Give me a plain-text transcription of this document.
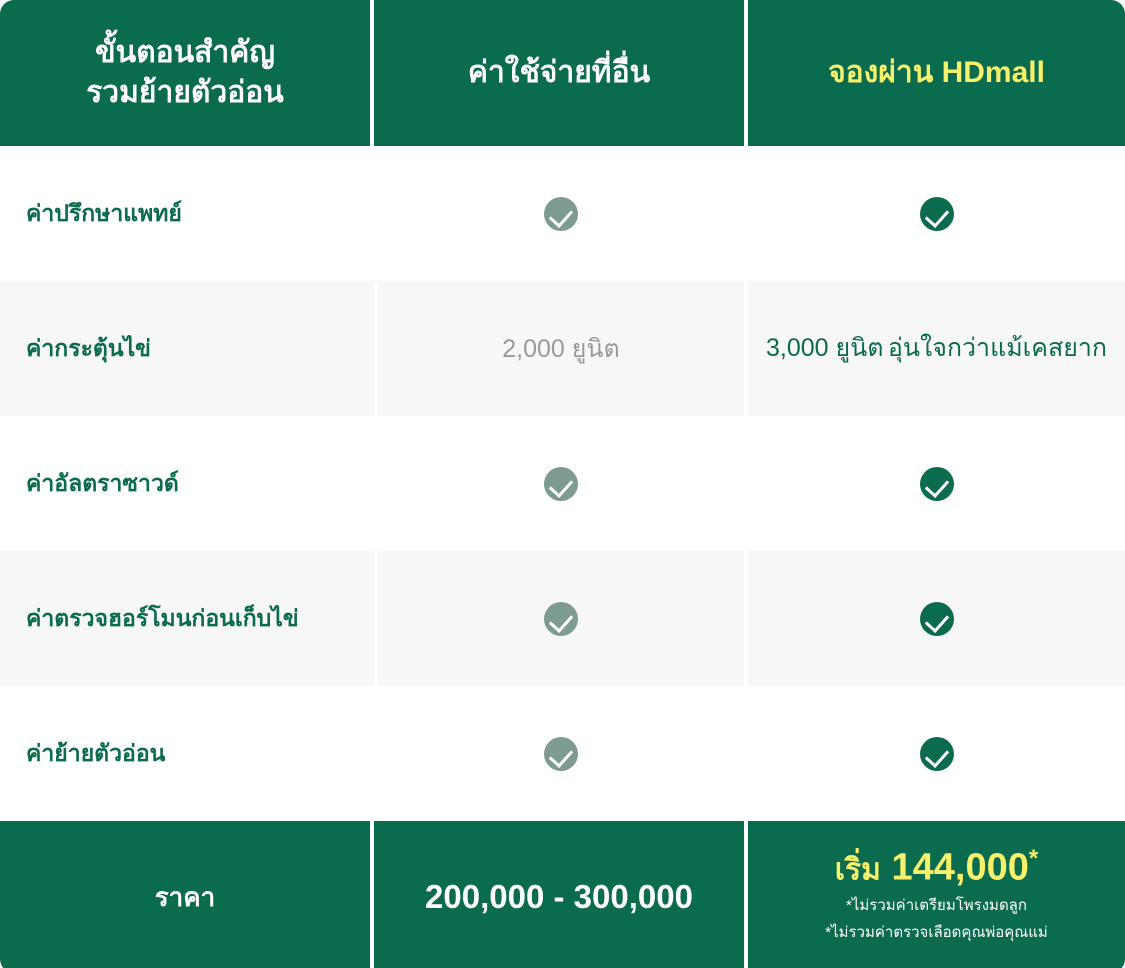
ขั้นตอนสำคัญ
รวมย้ายตัวอ่อน	ค่าใช้จ่ายที่อื่น	จองผ่าน HDmall
ค่าปรึกษาแพทย์		
ค่ากระตุ้นไข่	2,000 ยูนิต	3,000 ยูนิต อุ่นใจกว่าแม้เคสยาก
ค่าอัลตราซาวด์		
ค่าตรวจฮอร์โมนก่อนเก็บไข่		
ค่าย้ายตัวอ่อน		
ราคา	200,000 - 300,000	เริ่ม 144,000*
*ไม่รวมค่าเตรียมโพรงมดลูก
*ไม่รวมค่าตรวจเลือดคุณพ่อคุณแม่
